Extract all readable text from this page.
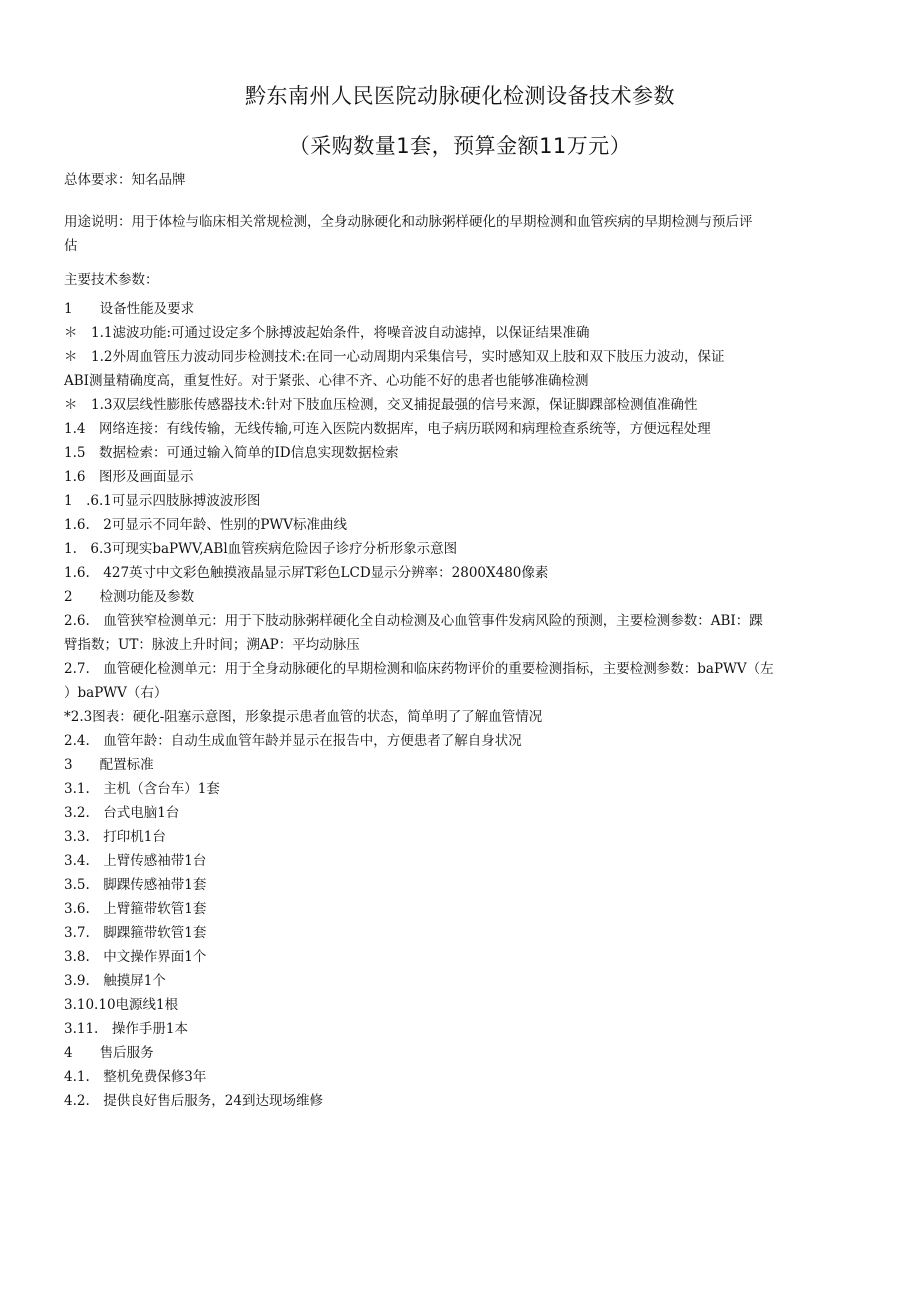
黔东南州人民医院动脉硬化检测设备技术参数
（采购数量1套，预算金额11万元）
总体要求：知名品牌
用途说明：用于体检与临床相关常规检测，全身动脉硬化和动脉粥样硬化的早期检测和血管疾病的早期检测与预后评
估
主要技术参数：
1　　设备性能及要求
＊　1.1滤波功能:可通过设定多个脉搏波起始条件，将噪音波自动滤掉，以保证结果准确
＊　1.2外周血管压力波动同步检测技术:在同一心动周期内采集信号，实时感知双上肢和双下肢压力波动，保证
ABI测量精确度高，重复性好。对于紧张、心律不齐、心功能不好的患者也能够准确检测
＊　1.3双层线性膨胀传感器技术:针对下肢血压检测，交叉捕捉最强的信号来源，保证脚踝部检测值准确性
1.4　网络连接：有线传输，无线传输,可连入医院内数据库，电子病历联网和病理检查系统等，方便远程处理
1.5　数据检索：可通过输入简单的ID信息实现数据检索
1.6　图形及画面显示
1　.6.1可显示四肢脉搏波波形图
1.6.　2可显示不同年龄、性别的PWV标准曲线
1.　6.3可现实baPWV,ABl血管疾病危险因子诊疗分析形象示意图
1.6.　427英寸中文彩色触摸液晶显示屏T彩色LCD显示分辨率：2800X480像素
2　　检测功能及参数
2.6.　血管狭窄检测单元：用于下肢动脉粥样硬化全自动检测及心血管事件发病风险的预测，主要检测参数：ABI：踝
臂指数；UT：脉波上升时间；溯AP：平均动脉压
2.7.　血管硬化检测单元：用于全身动脉硬化的早期检测和临床药物评价的重要检测指标，主要检测参数：baPWV（左
）baPWV（右）
*2.3图表：硬化-阻塞示意图，形象提示患者血管的状态，简单明了了解血管情况
2.4.　血管年龄：自动生成血管年龄并显示在报告中，方便患者了解自身状况
3　　配置标准
3.1.　主机（含台车）1套
3.2.　台式电脑1台
3.3.　打印机1台
3.4.　上臂传感袖带1台
3.5.　脚踝传感袖带1套
3.6.　上臂箍带软管1套
3.7.　脚踝箍带软管1套
3.8.　中文操作界面1个
3.9.　触摸屏1个
3.10.10电源线1根
3.11.　操作手册1本
4　　售后服务
4.1.　整机免费保修3年
4.2.　提供良好售后服务，24到达现场维修
